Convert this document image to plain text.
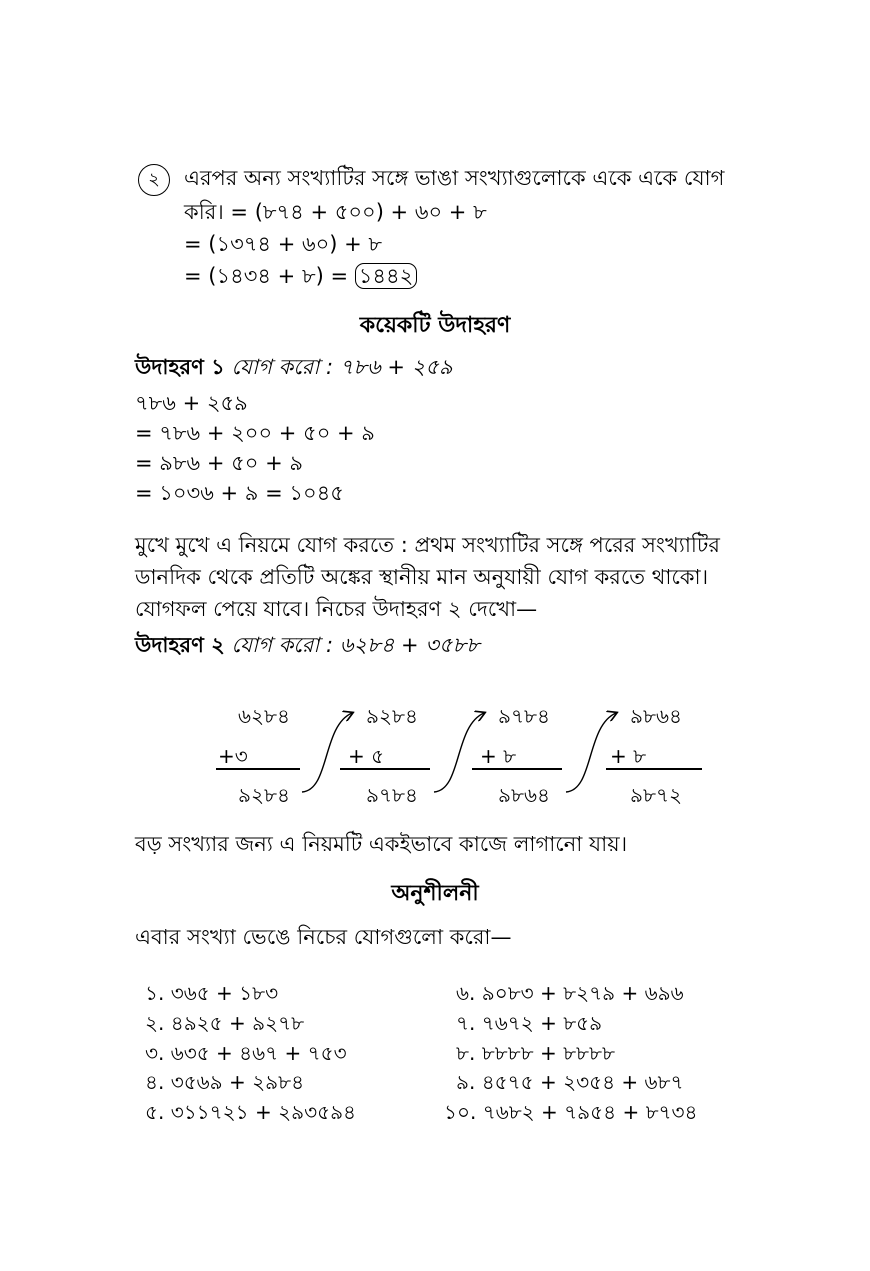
২	এরপর অন্য সংখ্যাটির সঙ্গে ভাঙা সংখ্যাগুলোকে একে একে যোগ
করি। = (৮৭৪ + ৫০০) + ৬০ + ৮
= (১৩৭৪ + ৬০) + ৮
= (১৪৩৪ + ৮) = ১৪৪২
কয়েকটি উদাহরণ
উদাহরণ ১ যোগ করো : ৭৮৬ + ২৫৯
৭৮৬ + ২৫৯
= ৭৮৬ + ২০০ + ৫০ + ৯
= ৯৮৬ + ৫০ + ৯
= ১০৩৬ + ৯ = ১০৪৫
মুখে মুখে এ নিয়মে যোগ করতে : প্রথম সংখ্যাটির সঙ্গে পরের সংখ্যাটির
ডানদিক থেকে প্রতিটি অঙ্কের স্থানীয় মান অনুযায়ী যোগ করতে থাকো।
যোগফল পেয়ে যাবে। নিচের উদাহরণ ২ দেখো—
উদাহরণ ২ যোগ করো : ৬২৮৪ + ৩৫৮৮
৬২৮৪
+৩
৯২৮৪
৯২৮৪
+ ৫
৯৭৮৪
৯৭৮৪
+ ৮
৯৮৬৪
৯৮৬৪
+ ৮
৯৮৭২
বড় সংখ্যার জন্য এ নিয়মটি একইভাবে কাজে লাগানো যায়।
অনুশীলনী
এবার সংখ্যা ভেঙে নিচের যোগগুলো করো—
১. ৩৬৫ + ১৮৩
২. ৪৯২৫ + ৯২৭৮
৩. ৬৩৫ + ৪৬৭ + ৭৫৩
৪. ৩৫৬৯ + ২৯৮৪
৫. ৩১১৭২১ + ২৯৩৫৯৪
৬. ৯০৮৩ + ৮২৭৯ + ৬৯৬
৭. ৭৬৭২ + ৮৫৯
৮. ৮৮৮৮ + ৮৮৮৮
৯. ৪৫৭৫ + ২৩৫৪ + ৬৮৭
১০. ৭৬৮২ + ৭৯৫৪ + ৮৭৩৪
